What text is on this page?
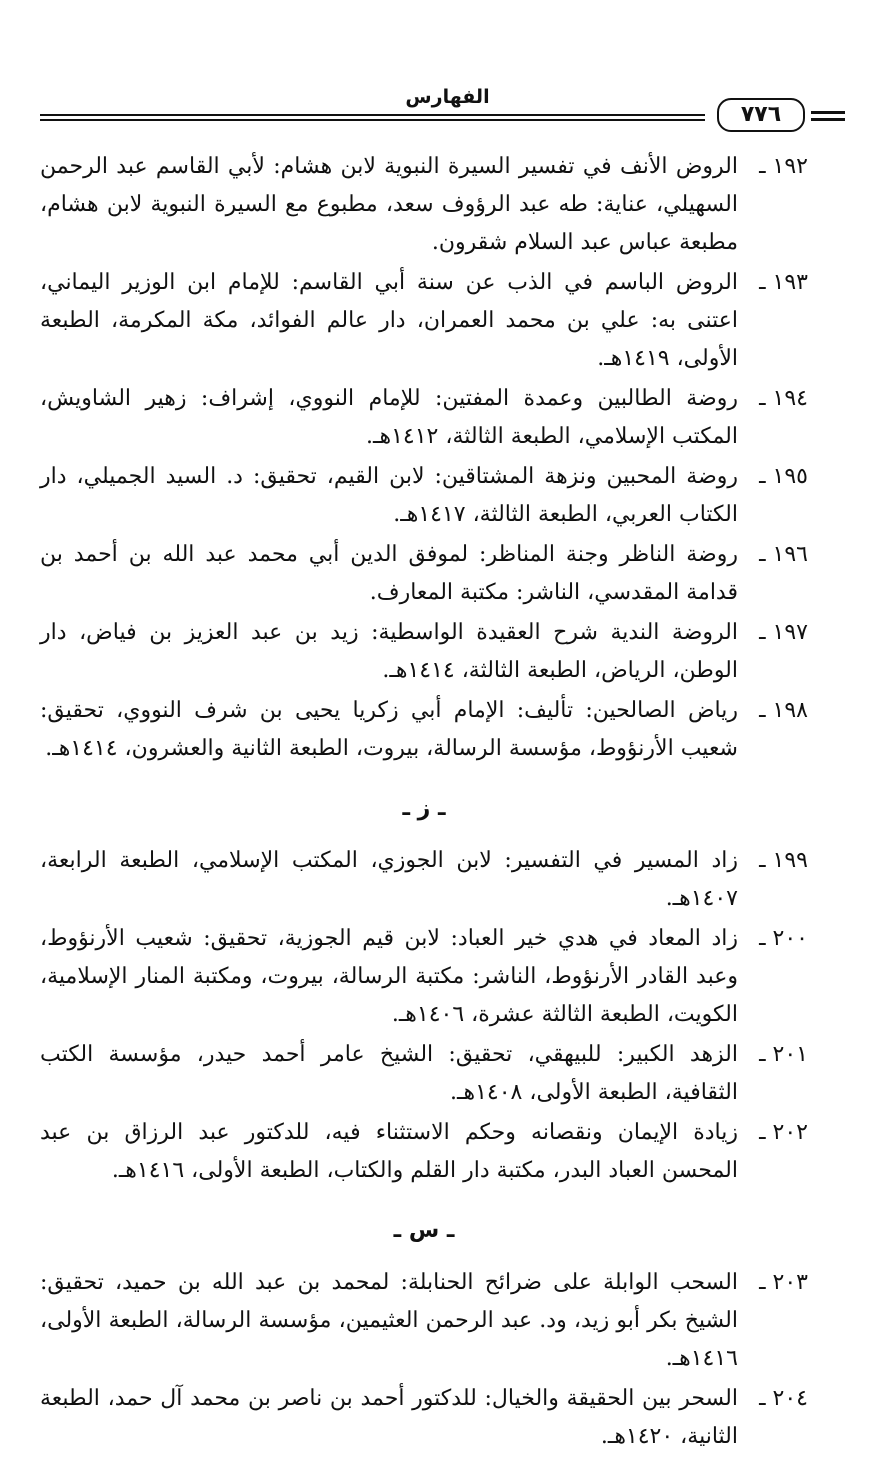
الفهارس
٧٧٦
١٩٢ ـ
الروض الأنف في تفسير السيرة النبوية لابن هشام: لأبي القاسم عبد الرحمن السهيلي، عناية: طه عبد الرؤوف سعد، مطبوع مع السيرة النبوية لابن هشام، مطبعة عباس عبد السلام شقرون.
١٩٣ ـ
الروض الباسم في الذب عن سنة أبي القاسم: للإمام ابن الوزير اليماني، اعتنى به: علي بن محمد العمران، دار عالم الفوائد، مكة المكرمة، الطبعة الأولى، ١٤١٩هـ.
١٩٤ ـ
روضة الطالبين وعمدة المفتين: للإمام النووي، إشراف: زهير الشاويش، المكتب الإسلامي، الطبعة الثالثة، ١٤١٢هـ.
١٩٥ ـ
روضة المحبين ونزهة المشتاقين: لابن القيم، تحقيق: د. السيد الجميلي، دار الكتاب العربي، الطبعة الثالثة، ١٤١٧هـ.
١٩٦ ـ
روضة الناظر وجنة المناظر: لموفق الدين أبي محمد عبد الله بن أحمد بن قدامة المقدسي، الناشر: مكتبة المعارف.
١٩٧ ـ
الروضة الندية شرح العقيدة الواسطية: زيد بن عبد العزيز بن فياض، دار الوطن، الرياض، الطبعة الثالثة، ١٤١٤هـ.
١٩٨ ـ
رياض الصالحين: تأليف: الإمام أبي زكريا يحيى بن شرف النووي، تحقيق: شعيب الأرنؤوط، مؤسسة الرسالة، بيروت، الطبعة الثانية والعشرون، ١٤١٤هـ.
ـ ز ـ
١٩٩ ـ
زاد المسير في التفسير: لابن الجوزي، المكتب الإسلامي، الطبعة الرابعة، ١٤٠٧هـ.
٢٠٠ ـ
زاد المعاد في هدي خير العباد: لابن قيم الجوزية، تحقيق: شعيب الأرنؤوط، وعبد القادر الأرنؤوط، الناشر: مكتبة الرسالة، بيروت، ومكتبة المنار الإسلامية، الكويت، الطبعة الثالثة عشرة، ١٤٠٦هـ.
٢٠١ ـ
الزهد الكبير: للبيهقي، تحقيق: الشيخ عامر أحمد حيدر، مؤسسة الكتب الثقافية، الطبعة الأولى، ١٤٠٨هـ.
٢٠٢ ـ
زيادة الإيمان ونقصانه وحكم الاستثناء فيه، للدكتور عبد الرزاق بن عبد المحسن العباد البدر، مكتبة دار القلم والكتاب، الطبعة الأولى، ١٤١٦هـ.
ـ س ـ
٢٠٣ ـ
السحب الوابلة على ضرائح الحنابلة: لمحمد بن عبد الله بن حميد، تحقيق: الشيخ بكر أبو زيد، ود. عبد الرحمن العثيمين، مؤسسة الرسالة، الطبعة الأولى، ١٤١٦هـ.
٢٠٤ ـ
السحر بين الحقيقة والخيال: للدكتور أحمد بن ناصر بن محمد آل حمد، الطبعة الثانية، ١٤٢٠هـ.
